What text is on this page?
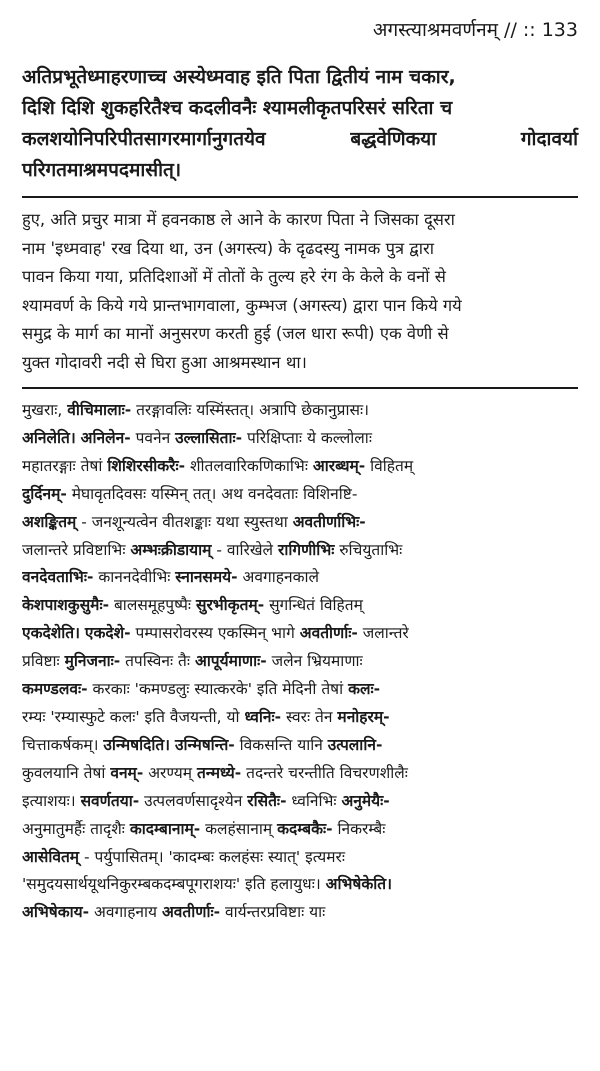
अगस्त्याश्रमवर्णनम् // :: 133

अतिप्रभूतेध्माहरणाच्च अस्येध्मवाह इति पिता द्वितीयं नाम चकार,

दिशि दिशि शुकहरितैश्च कदलीवनैः श्यामलीकृतपरिसरं सरिता च

कलशयोनिपरिपीतसागरमार्गानुगतयेव बद्धवेणिकया गोदावर्या

परिगतमाश्रमपदमासीत्।

हुए, अति प्रचुर मात्रा में हवनकाष्ठ ले आने के कारण पिता ने जिसका दूसरा

नाम 'इध्मवाह' रख दिया था, उन (अगस्त्य) के दृढदस्यु नामक पुत्र द्वारा

पावन किया गया, प्रतिदिशाओं में तोतों के तुल्य हरे रंग के केले के वनों से

श्यामवर्ण के किये गये प्रान्तभागवाला, कुम्भज (अगस्त्य) द्वारा पान किये गये

समुद्र के मार्ग का मानों अनुसरण करती हुई (जल धारा रूपी) एक वेणी से

युक्त गोदावरी नदी से घिरा हुआ आश्रमस्थान था।

मुखराः, वीचिमालाः- तरङ्गावलिः यस्मिंस्तत्। अत्रापि छेकानुप्रासः।

अनिलेति। अनिलेन- पवनेन उल्लासिताः- परिक्षिप्ताः ये कल्लोलाः

महातरङ्गाः तेषां शिशिरसीकरैः- शीतलवारिकणिकाभिः आरब्धम्- विहितम्

दुर्दिनम्- मेघावृतदिवसः यस्मिन् तत्। अथ वनदेवताः विशिनष्टि-

अशङ्कितम् - जनशून्यत्वेन वीतशङ्काः यथा स्युस्तथा अवतीर्णाभिः-

जलान्तरे प्रविष्टाभिः अम्भःक्रीडायाम् - वारिखेले रागिणीभिः रुचियुताभिः

वनदेवताभिः- काननदेवीभिः स्नानसमये- अवगाहनकाले

केशपाशकुसुमैः- बालसमूहपुष्पैः सुरभीकृतम्- सुगन्धितं विहितम्

एकदेशेति। एकदेशे- पम्पासरोवरस्य एकस्मिन् भागे अवतीर्णाः- जलान्तरे

प्रविष्टाः मुनिजनाः- तपस्विनः तैः आपूर्यमाणाः- जलेन भ्रियमाणाः

कमण्डलवः- करकाः 'कमण्डलुः स्यात्करके' इति मेदिनी तेषां कलः-

रम्यः 'रम्यास्फुटे कलः' इति वैजयन्ती, यो ध्वनिः- स्वरः तेन मनोहरम्-

चित्ताकर्षकम्। उन्मिषदिति। उन्मिषन्ति- विकसन्ति यानि उत्पलानि-

कुवलयानि तेषां वनम्- अरण्यम् तन्मध्ये- तदन्तरे चरन्तीति विचरणशीलैः

इत्याशयः। सवर्णतया- उत्पलवर्णसादृश्येन रसितैः- ध्वनिभिः अनुमेयैः-

अनुमातुमर्हैः तादृशैः कादम्बानाम्- कलहंसानाम् कदम्बकैः- निकरम्बैः

आसेवितम् - पर्युपासितम्। 'कादम्बः कलहंसः स्यात्' इत्यमरः

'समुदयसार्थयूथनिकुरम्बकदम्बपूगराशयः' इति हलायुधः। अभिषेकेति।

अभिषेकाय- अवगाहनाय अवतीर्णाः- वार्यन्तरप्रविष्टाः याः
